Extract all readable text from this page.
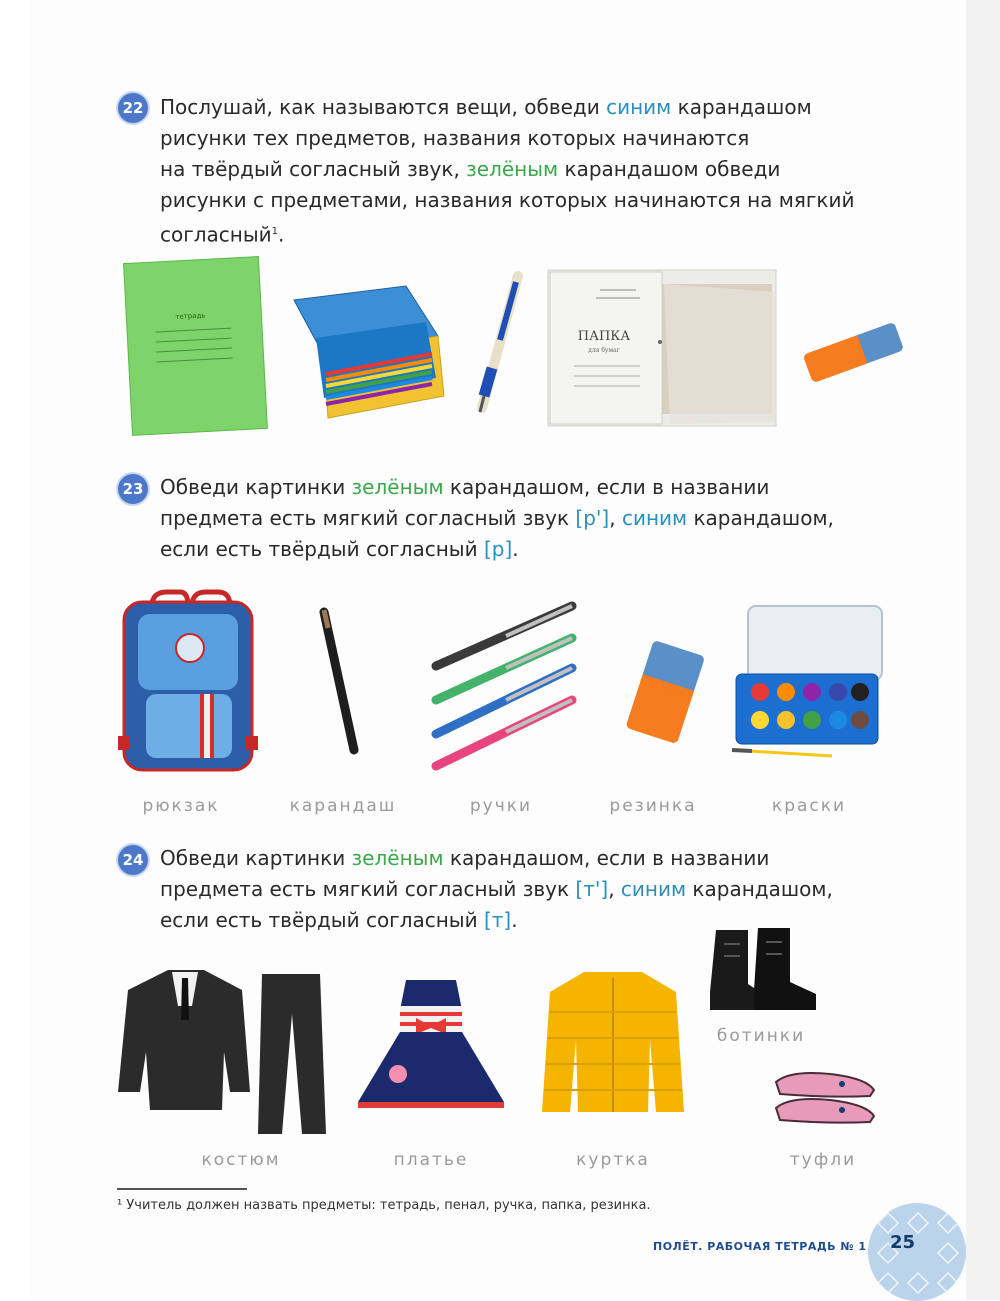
22 Послушай, как называются вещи, обведи синим карандашом
рисунки тех предметов, названия которых начинаются
на твёрдый согласный звук, зелёным карандашом обведи
рисунки с предметами, названия которых начинаются на мягкий
согласный$^1$.
тетрадь
ПАПКА
для бумаг
23 Обведи картинки зелёным карандашом, если в названии
предмета есть мягкий согласный звук [р'], синим карандашом,
если есть твёрдый согласный [р].
рюкзак	карандаш	ручки	резинка	краски
24 Обведи картинки зелёным карандашом, если в названии
предмета есть мягкий согласный звук [т'], синим карандашом,
если есть твёрдый согласный [т].
костюм	платье	куртка
ботинки
туфли
¹ Учитель должен назвать предметы: тетрадь, пенал, ручка, папка, резинка.
ПОЛЁТ. РАБОЧАЯ ТЕТРАДЬ № 1 25
